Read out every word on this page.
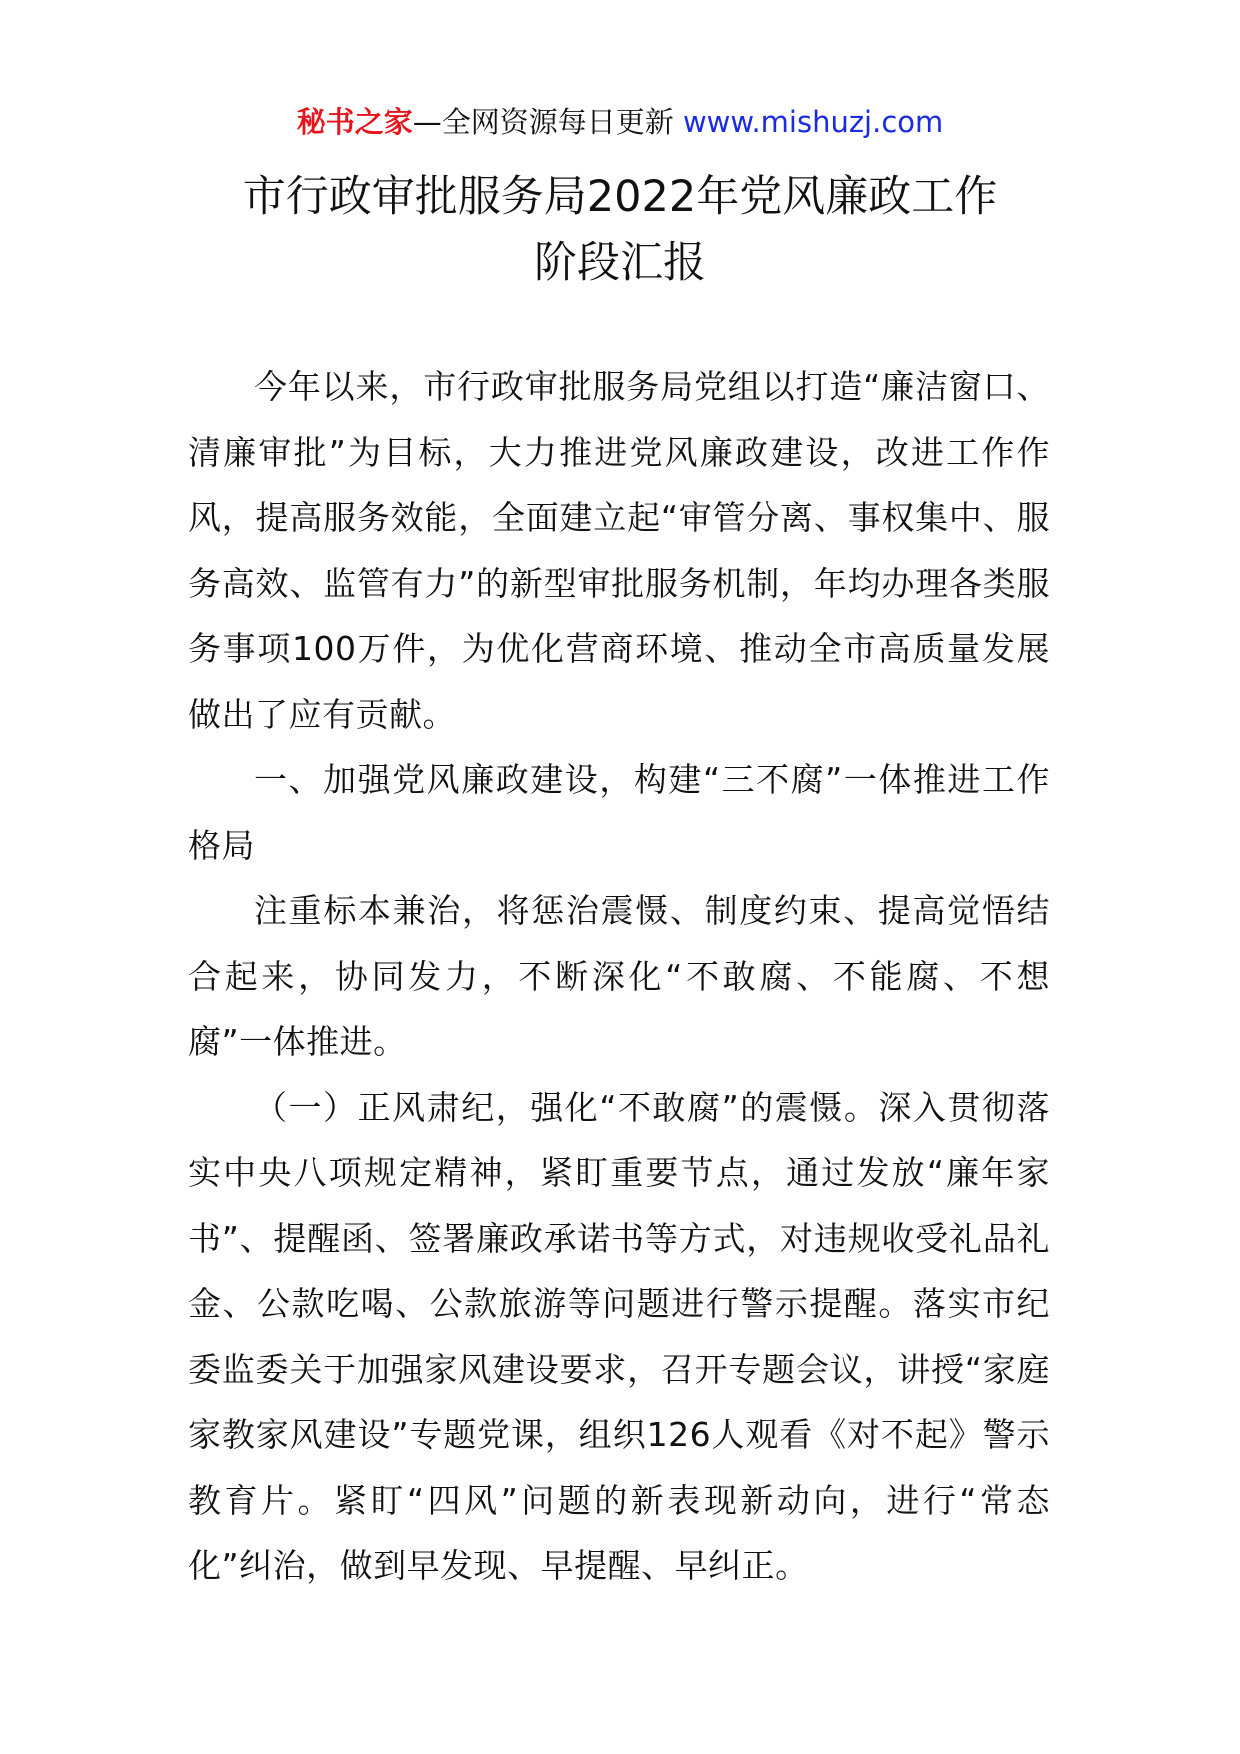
秘书之家—全网资源每日更新 www.mishuzj.com
市行政审批服务局2022年党风廉政工作
阶段汇报

今年以来，市行政审批服务局党组以打造“廉洁窗口、清廉审批”为目标，大力推进党风廉政建设，改进工作作风，提高服务效能，全面建立起“审管分离、事权集中、服务高效、监管有力”的新型审批服务机制，年均办理各类服务事项100万件，为优化营商环境、推动全市高质量发展做出了应有贡献。

一、加强党风廉政建设，构建“三不腐”一体推进工作格局

注重标本兼治，将惩治震慑、制度约束、提高觉悟结合起来，协同发力，不断深化“不敢腐、不能腐、不想腐”一体推进。

（一）正风肃纪，强化“不敢腐”的震慑。深入贯彻落实中央八项规定精神，紧盯重要节点，通过发放“廉年家书”、提醒函、签署廉政承诺书等方式，对违规收受礼品礼金、公款吃喝、公款旅游等问题进行警示提醒。落实市纪委监委关于加强家风建设要求，召开专题会议，讲授“家庭家教家风建设”专题党课，组织126人观看《对不起》警示教育片。紧盯“四风”问题的新表现新动向，进行“常态化”纠治，做到早发现、早提醒、早纠正。
